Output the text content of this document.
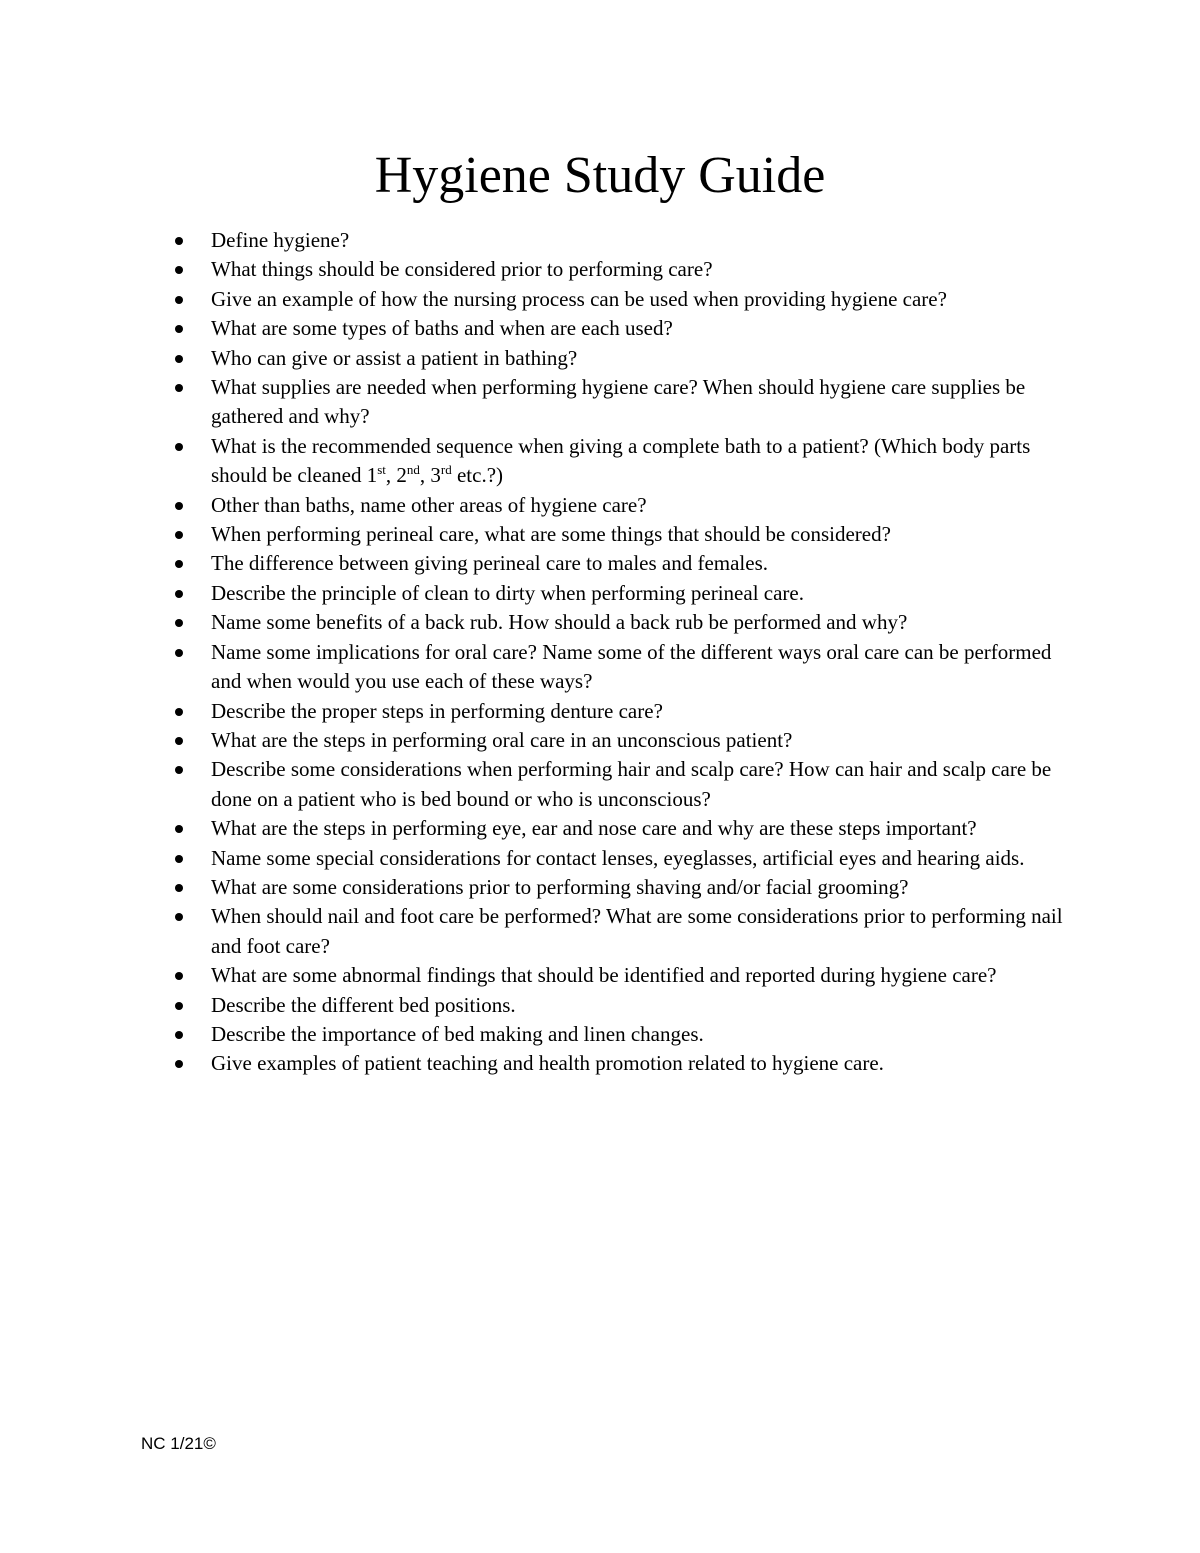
Hygiene Study Guide
Define hygiene?
What things should be considered prior to performing care?
Give an example of how the nursing process can be used when providing hygiene care?
What are some types of baths and when are each used?
Who can give or assist a patient in bathing?
What supplies are needed when performing hygiene care? When should hygiene care supplies be gathered and why?
What is the recommended sequence when giving a complete bath to a patient? (Which body parts should be cleaned 1st, 2nd, 3rd etc.?)
Other than baths, name other areas of hygiene care?
When performing perineal care, what are some things that should be considered?
The difference between giving perineal care to males and females.
Describe the principle of clean to dirty when performing perineal care.
Name some benefits of a back rub. How should a back rub be performed and why?
Name some implications for oral care? Name some of the different ways oral care can be performed and when would you use each of these ways?
Describe the proper steps in performing denture care?
What are the steps in performing oral care in an unconscious patient?
Describe some considerations when performing hair and scalp care? How can hair and scalp care be done on a patient who is bed bound or who is unconscious?
What are the steps in performing eye, ear and nose care and why are these steps important?
Name some special considerations for contact lenses, eyeglasses, artificial eyes and hearing aids.
What are some considerations prior to performing shaving and/or facial grooming?
When should nail and foot care be performed? What are some considerations prior to performing nail and foot care?
What are some abnormal findings that should be identified and reported during hygiene care?
Describe the different bed positions.
Describe the importance of bed making and linen changes.
Give examples of patient teaching and health promotion related to hygiene care.
NC 1/21©
